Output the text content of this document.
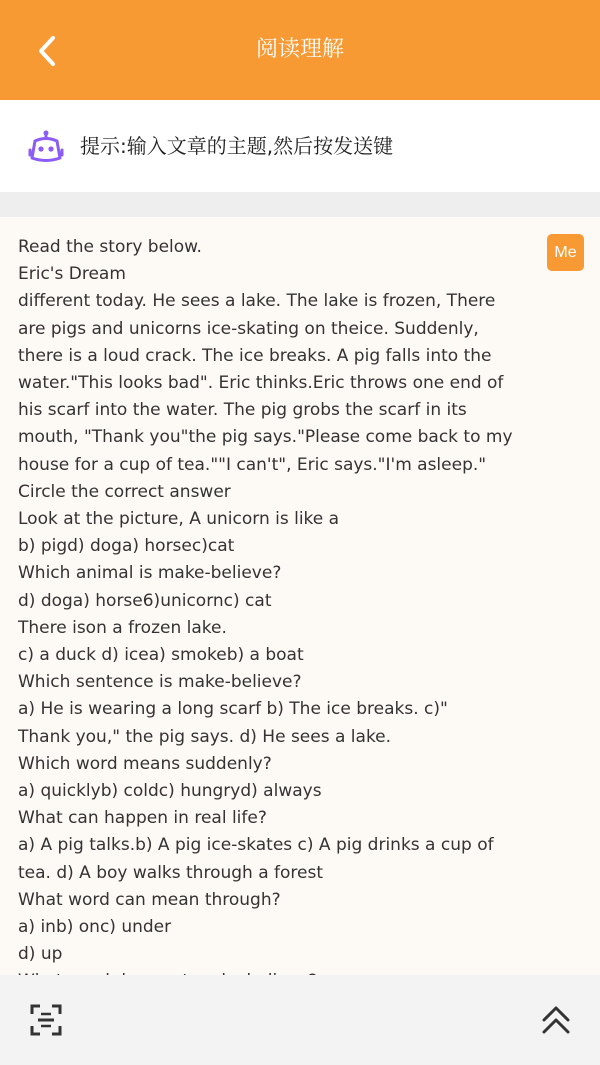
阅读理解
提示:输入文章的主题,然后按发送键
Read the story below.
Eric's Dream
different today. He sees a lake. The lake is frozen, There
are pigs and unicorns ice-skating on theice. Suddenly,
there is a loud crack. The ice breaks. A pig falls into the
water."This looks bad". Eric thinks.Eric throws one end of
his scarf into the water. The pig grobs the scarf in its
mouth, "Thank you"the pig says."Please come back to my
house for a cup of tea.""I can't", Eric says."I'm asleep."
Circle the correct answer
Look at the picture, A unicorn is like a
b) pigd) doga) horsec)cat
Which animal is make-believe?
d) doga) horse6)unicornc) cat
There ison a frozen lake.
c) a duck d) icea) smokeb) a boat
Which sentence is make-believe?
a) He is wearing a long scarf b) The ice breaks. c)"
Thank you," the pig says. d) He sees a lake.
Which word means suddenly?
a) quicklyb) coldc) hungryd) always
What can happen in real life?
a) A pig talks.b) A pig ice-skates c) A pig drinks a cup of
tea. d) A boy walks through a forest
What word can mean through?
a) inb) onc) under
d) up

Me
